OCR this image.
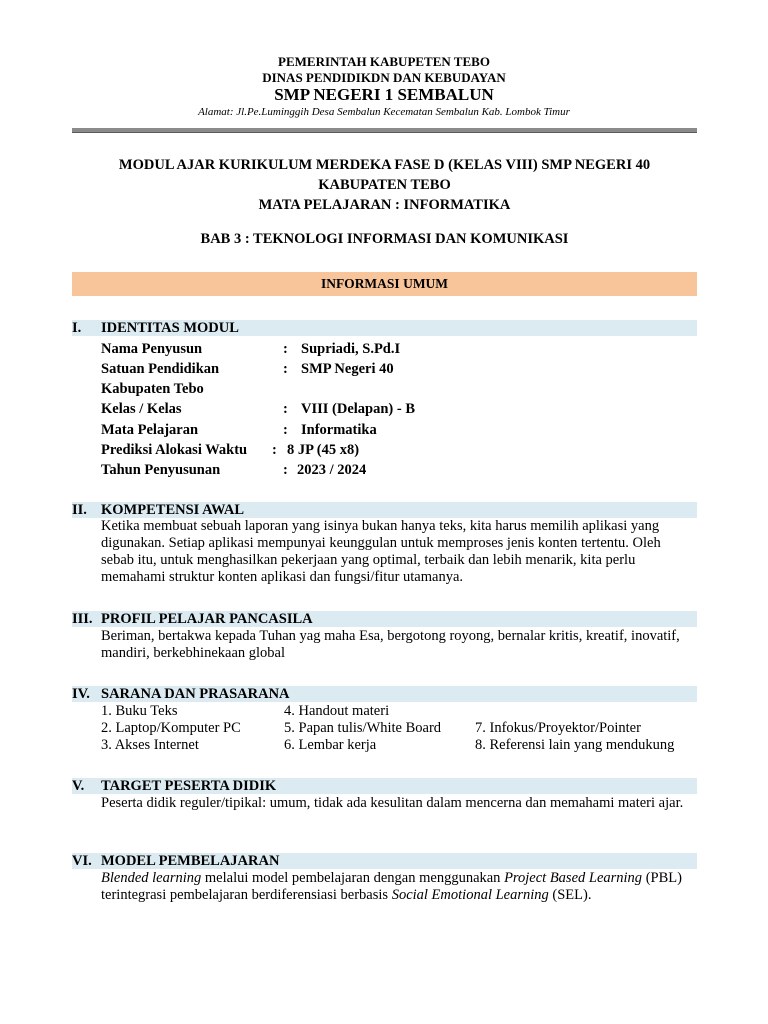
PEMERINTAH KABUPETEN TEBO
DINAS PENDIDIKDN DAN KEBUDAYAN
SMP NEGERI 1 SEMBALUN
Alamat: Jl.Pe.Luminggih Desa Sembalun Kecematan Sembalun Kab. Lombok Timur
MODUL AJAR KURIKULUM MERDEKA FASE D (KELAS VIII) SMP NEGERI 40
KABUPATEN TEBO
MATA PELAJARAN : INFORMATIKA
BAB 3 : TEKNOLOGI INFORMASI DAN KOMUNIKASI
INFORMASI UMUM
I. IDENTITAS MODUL
Nama Penyusun	: Supriadi, S.Pd.I
Satuan Pendidikan	: SMP Negeri 40
Kabupaten Tebo
Kelas / Kelas	: VIII (Delapan) - B
Mata Pelajaran	: Informatika
Prediksi Alokasi Waktu : 8 JP (45 x8)
Tahun Penyusunan	: 2023 / 2024
II. KOMPETENSI AWAL
Ketika membuat sebuah laporan yang isinya bukan hanya teks, kita harus memilih aplikasi yang digunakan. Setiap aplikasi mempunyai keunggulan untuk memproses jenis konten tertentu. Oleh sebab itu, untuk menghasilkan pekerjaan yang optimal, terbaik dan lebih menarik, kita perlu memahami struktur konten aplikasi dan fungsi/fitur utamanya.
III. PROFIL PELAJAR PANCASILA
Beriman, bertakwa kepada Tuhan yag maha Esa, bergotong royong, bernalar kritis, kreatif, inovatif, mandiri, berkebhinekaan global
IV. SARANA DAN PRASARANA
1. Buku Teks
2. Laptop/Komputer PC
3. Akses Internet
4. Handout materi
5. Papan tulis/White Board
6. Lembar kerja
7. Infokus/Proyektor/Pointer
8. Referensi lain yang mendukung
V. TARGET PESERTA DIDIK
Peserta didik reguler/tipikal: umum, tidak ada kesulitan dalam mencerna dan memahami materi ajar.
VI. MODEL PEMBELAJARAN
Blended learning melalui model pembelajaran dengan menggunakan Project Based Learning (PBL) terintegrasi pembelajaran berdiferensiasi berbasis Social Emotional Learning (SEL).
